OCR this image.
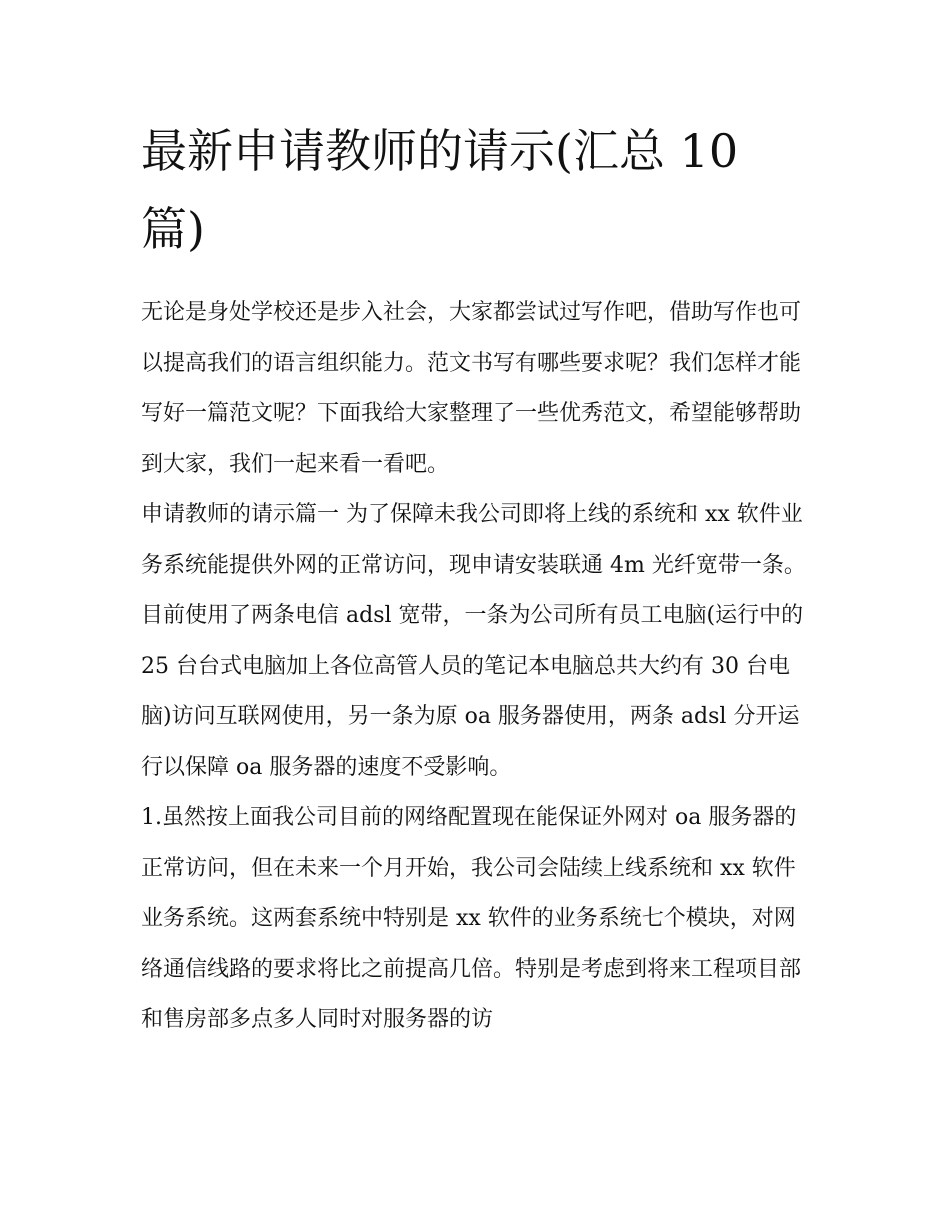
最新申请教师的请示(汇总 10 篇)

无论是身处学校还是步入社会，大家都尝试过写作吧，借助写作也可以提高我们的语言组织能力。范文书写有哪些要求呢？我们怎样才能写好一篇范文呢？下面我给大家整理了一些优秀范文，希望能够帮助到大家，我们一起来看一看吧。

申请教师的请示篇一 为了保障未我公司即将上线的系统和 xx 软件业务系统能提供外网的正常访问，现申请安装联通 4m 光纤宽带一条。

目前使用了两条电信 adsl 宽带，一条为公司所有员工电脑(运行中的 25 台台式电脑加上各位高管人员的笔记本电脑总共大约有 30 台电脑)访问互联网使用，另一条为原 oa 服务器使用，两条 adsl 分开运行以保障 oa 服务器的速度不受影响。

1.虽然按上面我公司目前的网络配置现在能保证外网对 oa 服务器的正常访问，但在未来一个月开始，我公司会陆续上线系统和 xx 软件业务系统。这两套系统中特别是 xx 软件的业务系统七个模块，对网络通信线路的要求将比之前提高几倍。特别是考虑到将来工程项目部和售房部多点多人同时对服务器的访
